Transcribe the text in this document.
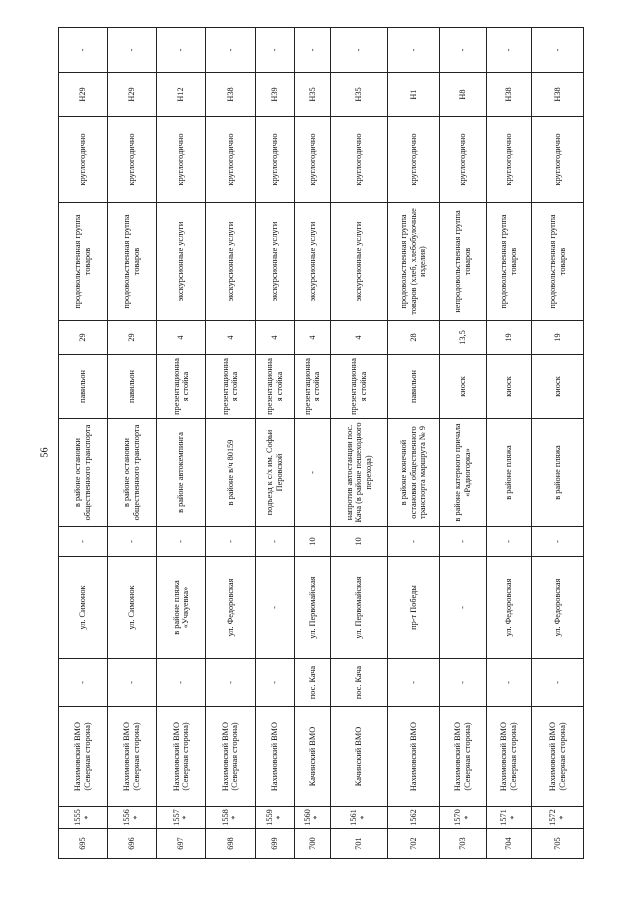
56
695	1555*	Нахимовский ВМО (Северная сторона)	-	ул. Симонок	-	в районе остановки общественного транспорта	павильон	29	продовольственная группа товаров	круглогодично	Н29	-
696	1556*	Нахимовский ВМО (Северная сторона)	-	ул. Симонок	-	в районе остановки общественного транспорта	павильон	29	продовольственная группа товаров	круглогодично	Н29	-
697	1557*	Нахимовский ВМО (Северная сторона)	-	в районе пляжа «Учкуевка»	-	в районе автокемпинга	презентационная стойка	4	экскурсионные услуги	круглогодично	Н12	-
698	1558*	Нахимовский ВМО (Северная сторона)	-	ул. Федоровская	-	в районе в/ч 80159	презентационная стойка	4	экскурсионные услуги	круглогодично	Н38	-
699	1559*	Нахимовский ВМО	-	-	-	подъезд к с/х им. Софьи Перовской	презентационная стойка	4	экскурсионные услуги	круглогодично	Н39	-
700	1560*	Качинский ВМО	пос. Кача	ул. Первомайская	10	-	презентационная стойка	4	экскурсионные услуги	круглогодично	Н35	-
701	1561*	Качинский ВМО	пос. Кача	ул. Первомайская	10	напротив автостанции пос. Кача (в районе пешеходного перехода)	презентационная стойка	4	экскурсионные услуги	круглогодично	Н35	-
702	1562	Нахимовский ВМО	-	пр-т Победы	-	в районе конечной остановки общественного транспорта маршрута № 9	павильон	28	продовольственная группа товаров (хлеб, хлебобулочные изделия)	круглогодично	Н1	-
703	1570*	Нахимовский ВМО (Северная сторона)	-	-	-	в районе катерного причала «Радиогорка»	киоск	13,5	непродовольственная группа товаров	круглогодично	Н8	-
704	1571*	Нахимовский ВМО (Северная сторона)	-	ул. Федоровская	-	в районе пляжа	киоск	19	продовольственная группа товаров	круглогодично	Н38	-
705	1572*	Нахимовский ВМО (Северная сторона)	-	ул. Федоровская	-	в районе пляжа	киоск	19	продовольственная группа товаров	круглогодично	Н38	-
